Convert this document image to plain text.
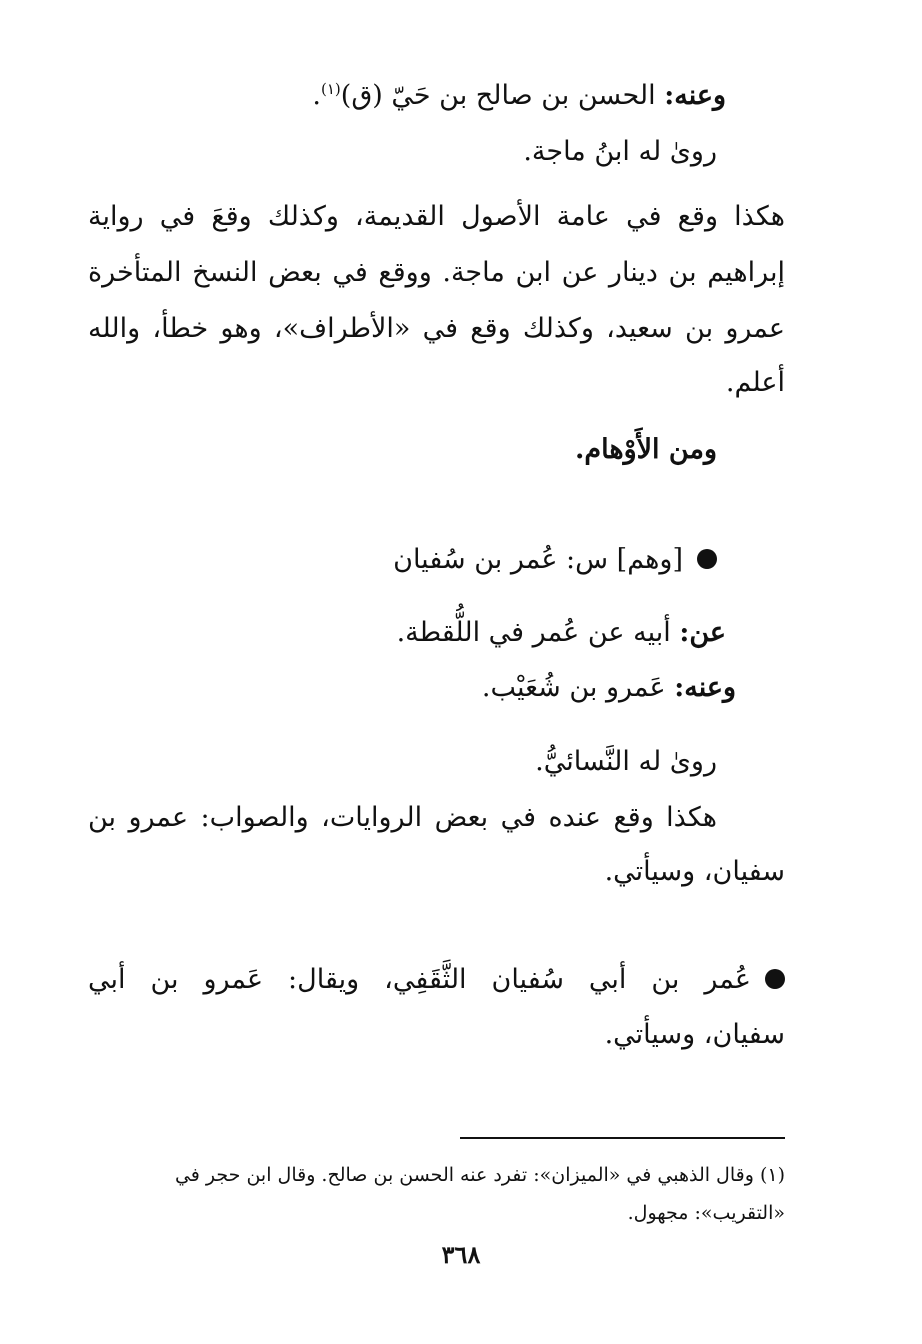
وعنه: الحسن بن صالح بن حَيّ (ق)$^{(١)}$.
روىٰ له ابنُ ماجة.
هكذا وقع في عامة الأصول القديمة، وكذلك وقعَ في رواية
إبراهيم بن دينار عن ابن ماجة. ووقع في بعض النسخ المتأخرة
عمرو بن سعيد، وكذلك وقع في «الأطراف»، وهو خطأ، والله
أعلم.
ومن الأَوْهام.
[وهم] س: عُمر بن سُفيان
عن: أبيه عن عُمر في اللُّقطة.
وعنه: عَمرو بن شُعَيْب.
روىٰ له النَّسائيُّ.
هكذا وقع عنده في بعض الروايات، والصواب: عمرو بن
سفيان، وسيأتي.
عُمر بن أبي سُفيان الثَّقَفِي، ويقال: عَمرو بن أبي
سفيان، وسيأتي.
(١) وقال الذهبي في «الميزان»: تفرد عنه الحسن بن صالح. وقال ابن حجر في
«التقريب»: مجهول.
٣٦٨
